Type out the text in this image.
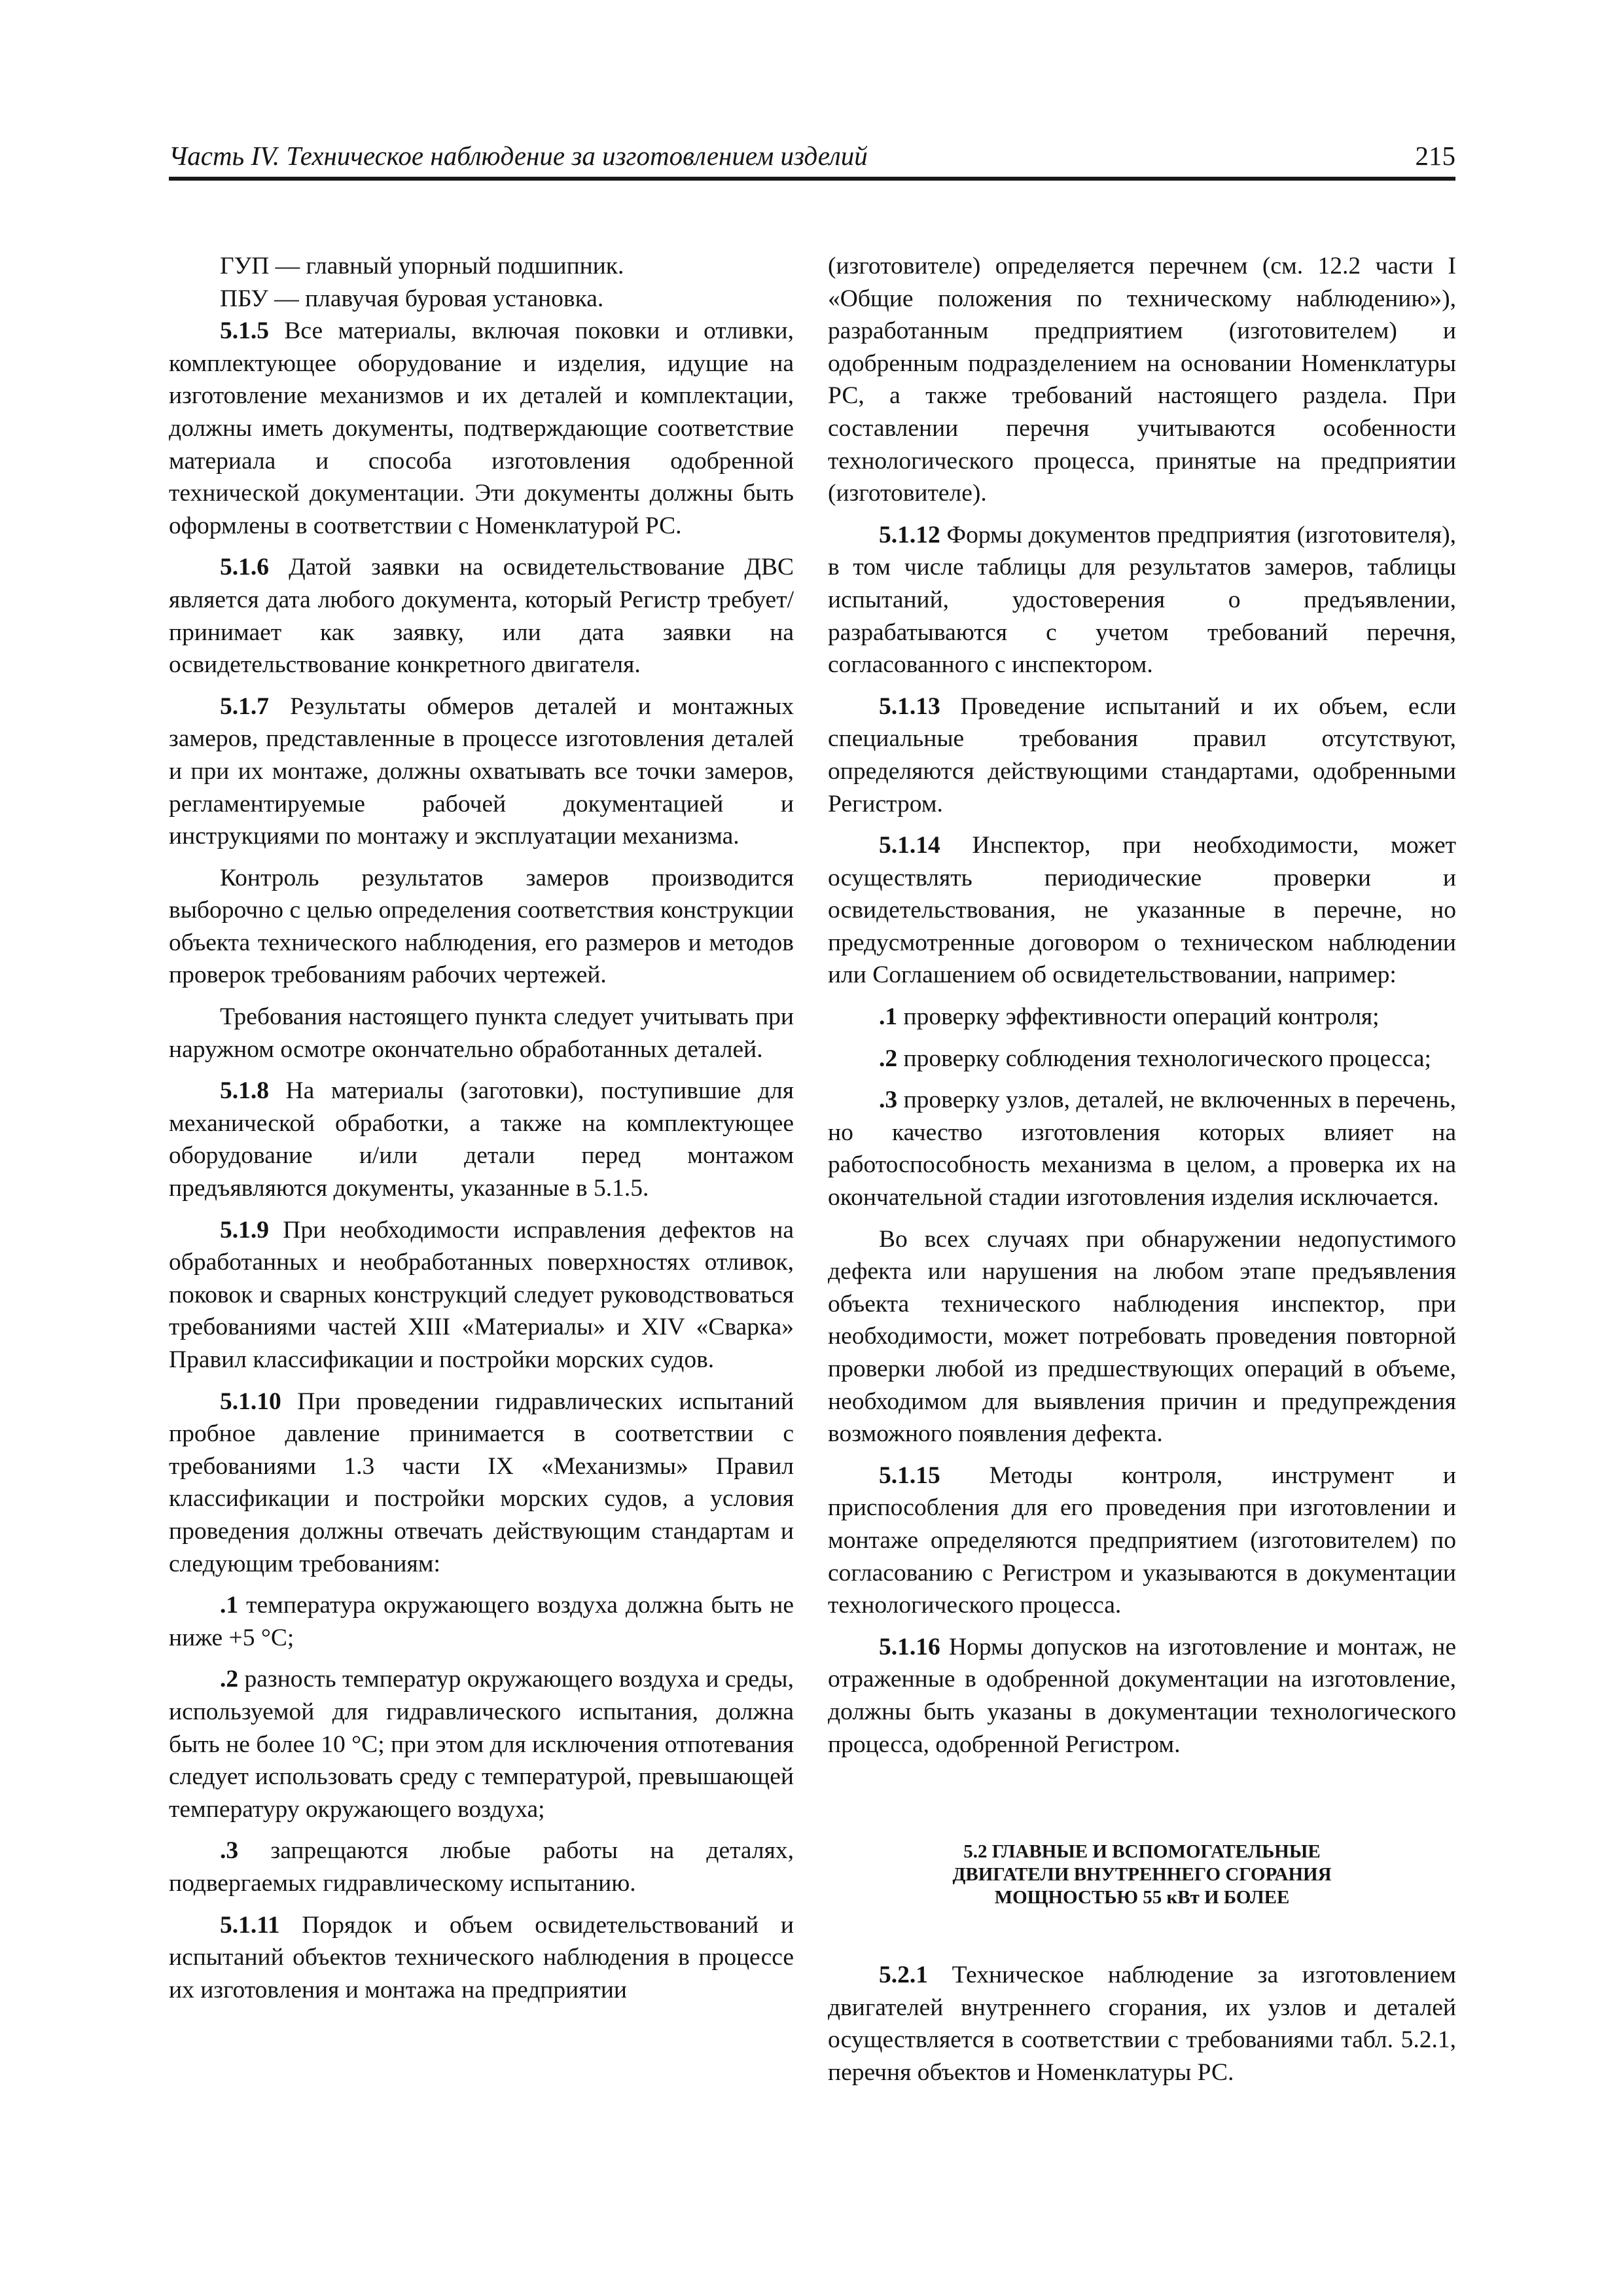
Часть IV. Техническое наблюдение за изготовлением изделий	215

ГУП — главный упорный подшипник.

ПБУ — плавучая буровая установка.

5.1.5 Все материалы, включая поковки и отливки, комплектующее оборудование и изделия, идущие на изготовление механизмов и их деталей и комплектации, должны иметь документы, подтверждающие соответствие материала и способа изготовления одобренной технической документации. Эти документы должны быть оформлены в соответствии с Номенклатурой РС.

5.1.6 Датой заявки на освидетельствование ДВС является дата любого документа, который Регистр требует/принимает как заявку, или дата заявки на освидетельствование конкретного двигателя.

5.1.7 Результаты обмеров деталей и монтажных замеров, представленные в процессе изготовления деталей и при их монтаже, должны охватывать все точки замеров, регламентируемые рабочей документацией и инструкциями по монтажу и эксплуатации механизма.

Контроль результатов замеров производится выборочно с целью определения соответствия конструкции объекта технического наблюдения, его размеров и методов проверок требованиям рабочих чертежей.

Требования настоящего пункта следует учитывать при наружном осмотре окончательно обработанных деталей.

5.1.8 На материалы (заготовки), поступившие для механической обработки, а также на комплектующее оборудование и/или детали перед монтажом предъявляются документы, указанные в 5.1.5.

5.1.9 При необходимости исправления дефектов на обработанных и необработанных поверхностях отливок, поковок и сварных конструкций следует руководствоваться требованиями частей XIII «Материалы» и XIV «Сварка» Правил классификации и постройки морских судов.

5.1.10 При проведении гидравлических испытаний пробное давление принимается в соответствии с требованиями 1.3 части IX «Механизмы» Правил классификации и постройки морских судов, а условия проведения должны отвечать действующим стандартам и следующим требованиям:

.1 температура окружающего воздуха должна быть не ниже +5 °С;

.2 разность температур окружающего воздуха и среды, используемой для гидравлического испытания, должна быть не более 10 °С; при этом для исключения отпотевания следует использовать среду с температурой, превышающей температуру окружающего воздуха;

.3 запрещаются любые работы на деталях, подвергаемых гидравлическому испытанию.

5.1.11 Порядок и объем освидетельствований и испытаний объектов технического наблюдения в процессе их изготовления и монтажа на предприятии

(изготовителе) определяется перечнем (см. 12.2 части I «Общие положения по техническому наблюдению»), разработанным предприятием (изготовителем) и одобренным подразделением на основании Номенклатуры РС, а также требований настоящего раздела. При составлении перечня учитываются особенности технологического процесса, принятые на предприятии (изготовителе).

5.1.12 Формы документов предприятия (изготовителя), в том числе таблицы для результатов замеров, таблицы испытаний, удостоверения о предъявлении, разрабатываются с учетом требований перечня, согласованного с инспектором.

5.1.13 Проведение испытаний и их объем, если специальные требования правил отсутствуют, определяются действующими стандартами, одобренными Регистром.

5.1.14 Инспектор, при необходимости, может осуществлять периодические проверки и освидетельствования, не указанные в перечне, но предусмотренные договором о техническом наблюдении или Соглашением об освидетельствовании, например:

.1 проверку эффективности операций контроля;

.2 проверку соблюдения технологического процесса;

.3 проверку узлов, деталей, не включенных в перечень, но качество изготовления которых влияет на работоспособность механизма в целом, а проверка их на окончательной стадии изготовления изделия исключается.

Во всех случаях при обнаружении недопустимого дефекта или нарушения на любом этапе предъявления объекта технического наблюдения инспектор, при необходимости, может потребовать проведения повторной проверки любой из предшествующих операций в объеме, необходимом для выявления причин и предупреждения возможного появления дефекта.

5.1.15 Методы контроля, инструмент и приспособления для его проведения при изготовлении и монтаже определяются предприятием (изготовителем) по согласованию с Регистром и указываются в документации технологического процесса.

5.1.16 Нормы допусков на изготовление и монтаж, не отраженные в одобренной документации на изготовление, должны быть указаны в документации технологического процесса, одобренной Регистром.

5.2 ГЛАВНЫЕ И ВСПОМОГАТЕЛЬНЫЕ
ДВИГАТЕЛИ ВНУТРЕННЕГО СГОРАНИЯ
МОЩНОСТЬЮ 55 кВт И БОЛЕЕ

5.2.1 Техническое наблюдение за изготовлением двигателей внутреннего сгорания, их узлов и деталей осуществляется в соответствии с требованиями табл. 5.2.1, перечня объектов и Номенклатуры РС.
